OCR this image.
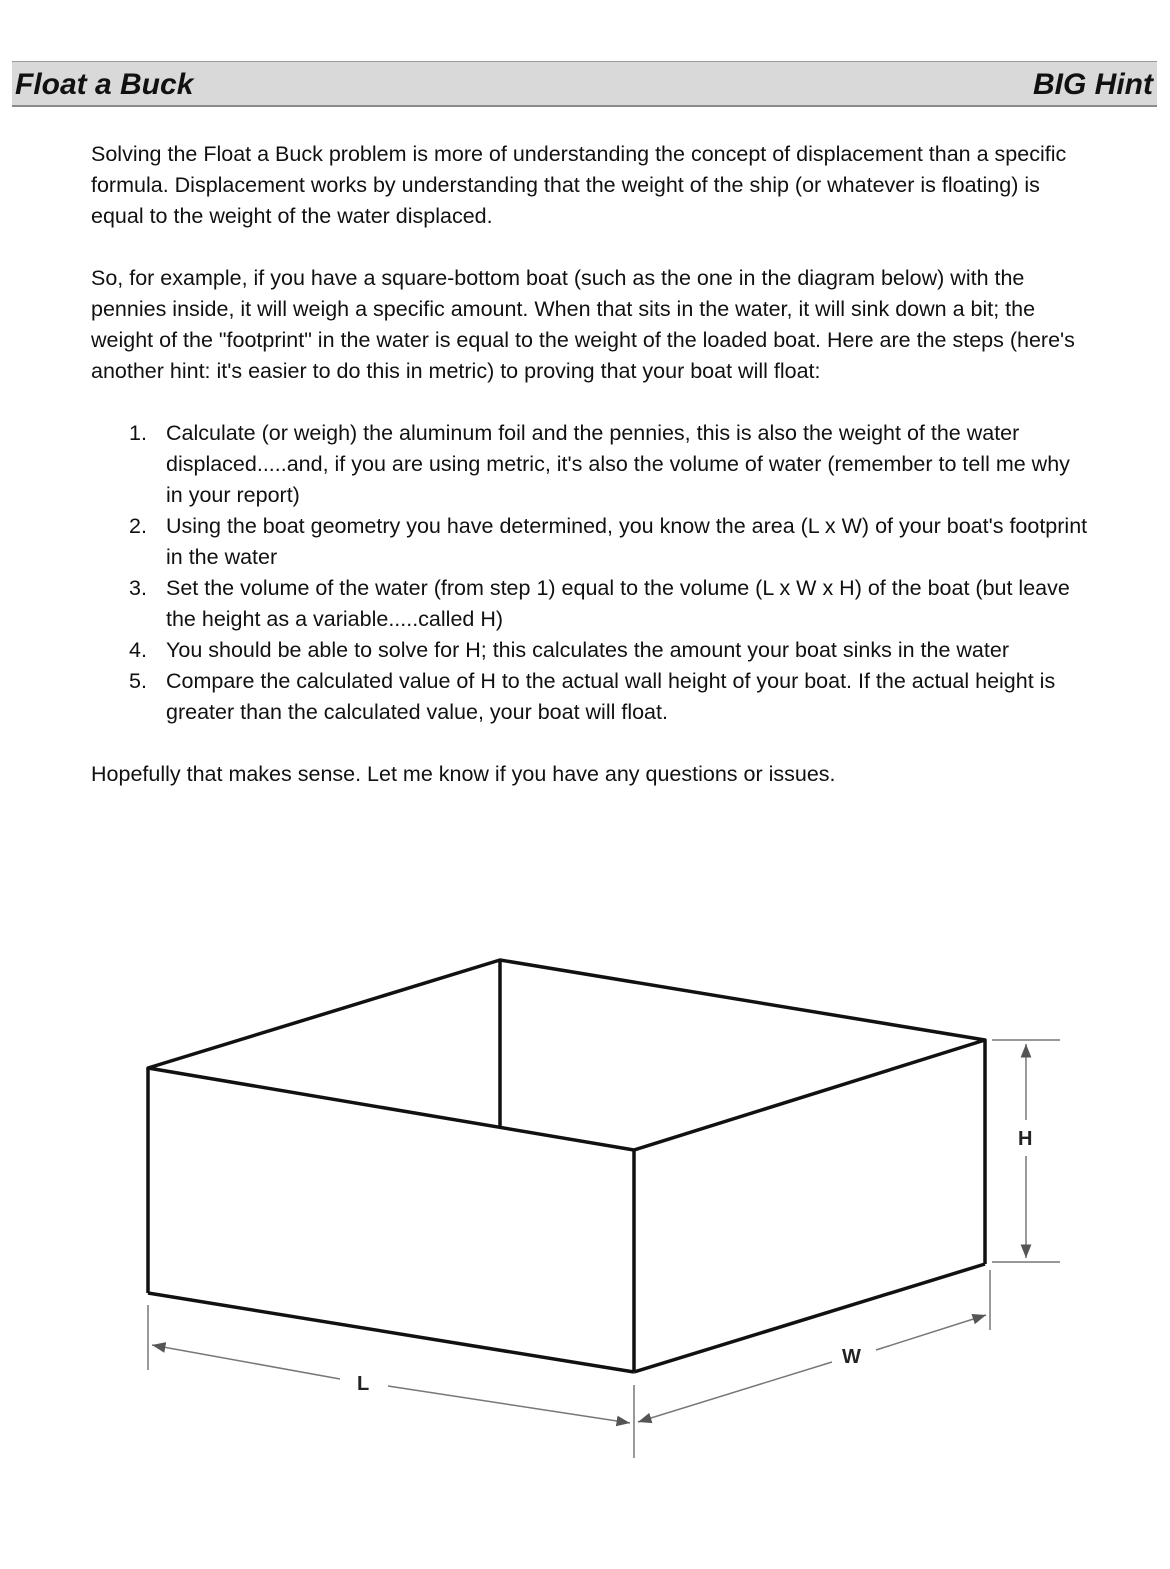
Float a Buck	BIG Hint

Solving the Float a Buck problem is more of understanding the concept of displacement than a specific formula. Displacement works by understanding that the weight of the ship (or whatever is floating) is equal to the weight of the water displaced.

So, for example, if you have a square-bottom boat (such as the one in the diagram below) with the pennies inside, it will weigh a specific amount. When that sits in the water, it will sink down a bit; the weight of the "footprint" in the water is equal to the weight of the loaded boat. Here are the steps (here's another hint: it's easier to do this in metric) to proving that your boat will float:

1. Calculate (or weigh) the aluminum foil and the pennies, this is also the weight of the water displaced.....and, if you are using metric, it's also the volume of water (remember to tell me why in your report)
2. Using the boat geometry you have determined, you know the area (L x W) of your boat's footprint in the water
3. Set the volume of the water (from step 1) equal to the volume (L x W x H) of the boat (but leave the height as a variable.....called H)
4. You should be able to solve for H; this calculates the amount your boat sinks in the water
5. Compare the calculated value of H to the actual wall height of your boat. If the actual height is greater than the calculated value, your boat will float.

Hopefully that makes sense. Let me know if you have any questions or issues.

L
W
H
